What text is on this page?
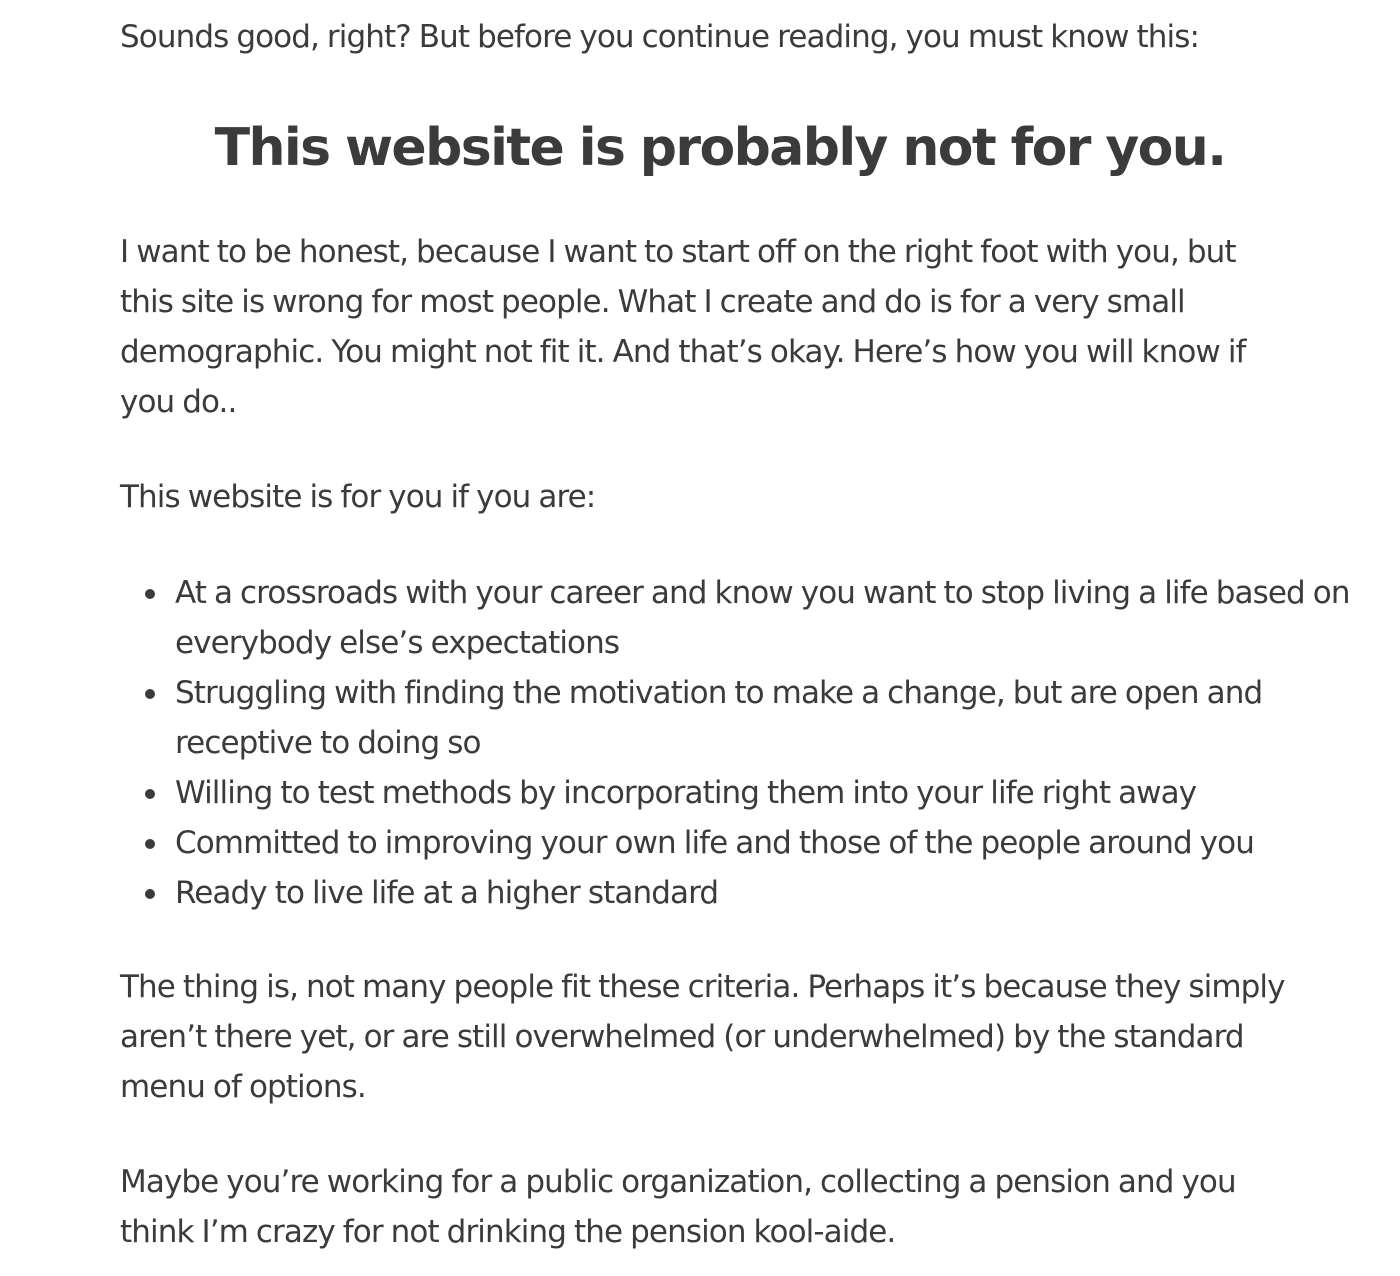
Sounds good, right? But before you continue reading, you must know this:

This website is probably not for you.

I want to be honest, because I want to start off on the right foot with you, but this site is wrong for most people. What I create and do is for a very small demographic. You might not fit it. And that’s okay. Here’s how you will know if you do..

This website is for you if you are:

At a crossroads with your career and know you want to stop living a life based on everybody else’s expectations
Struggling with finding the motivation to make a change, but are open and receptive to doing so
Willing to test methods by incorporating them into your life right away
Committed to improving your own life and those of the people around you
Ready to live life at a higher standard

The thing is, not many people fit these criteria. Perhaps it’s because they simply aren’t there yet, or are still overwhelmed (or underwhelmed) by the standard menu of options.

Maybe you’re working for a public organization, collecting a pension and you think I’m crazy for not drinking the pension kool-aide.
